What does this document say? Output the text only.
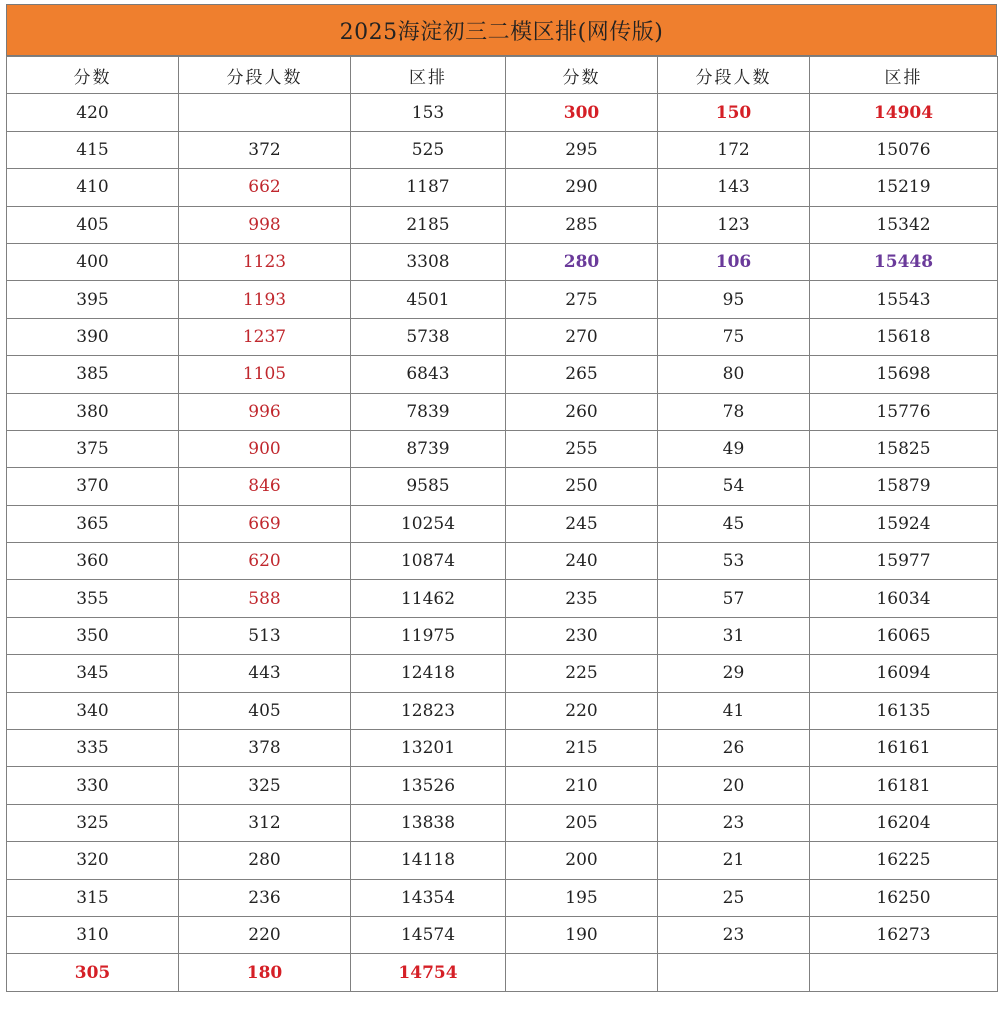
2025海淀初三二模区排(网传版)
分数	分段人数	区排	分数	分段人数	区排
420		153	300	150	14904
415	372	525	295	172	15076
410	662	1187	290	143	15219
405	998	2185	285	123	15342
400	1123	3308	280	106	15448
395	1193	4501	275	95	15543
390	1237	5738	270	75	15618
385	1105	6843	265	80	15698
380	996	7839	260	78	15776
375	900	8739	255	49	15825
370	846	9585	250	54	15879
365	669	10254	245	45	15924
360	620	10874	240	53	15977
355	588	11462	235	57	16034
350	513	11975	230	31	16065
345	443	12418	225	29	16094
340	405	12823	220	41	16135
335	378	13201	215	26	16161
330	325	13526	210	20	16181
325	312	13838	205	23	16204
320	280	14118	200	21	16225
315	236	14354	195	25	16250
310	220	14574	190	23	16273
305	180	14754			
